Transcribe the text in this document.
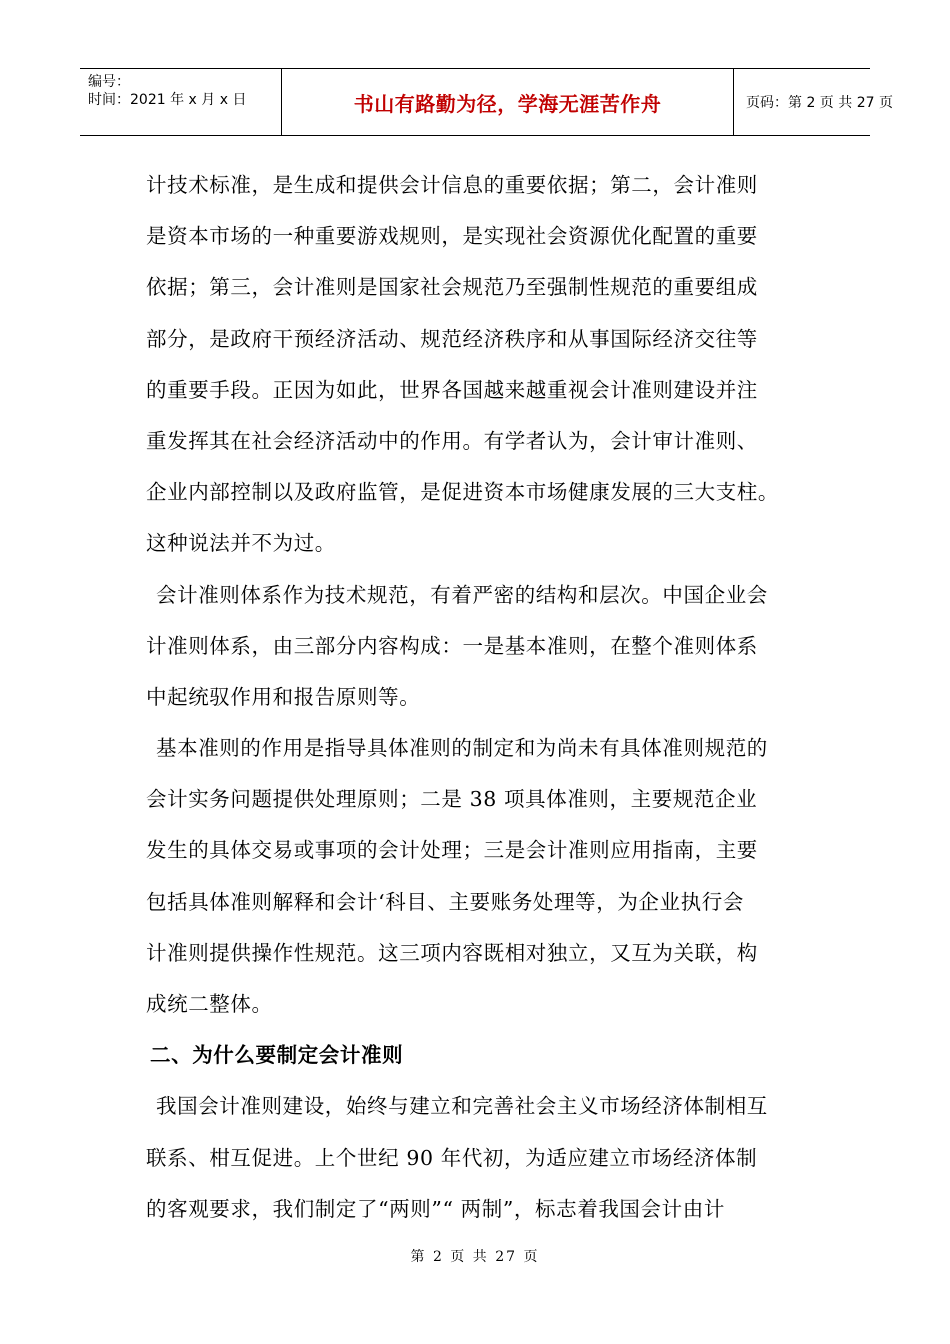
编号：
时间：2021 年 x 月 x 日	书山有路勤为径，学海无涯苦作舟	页码：第 2 页 共 27 页
计技术标准，是生成和提供会计信息的重要依据；第二，会计准则
是资本市场的一种重要游戏规则，是实现社会资源优化配置的重要
依据；第三，会计准则是国家社会规范乃至强制性规范的重要组成
部分，是政府干预经济活动、规范经济秩序和从事国际经济交往等
的重要手段。正因为如此，世界各国越来越重视会计准则建设并注
重发挥其在社会经济活动中的作用。有学者认为，会计审计准则、
企业内部控制以及政府监管，是促进资本市场健康发展的三大支柱。
这种说法并不为过。
会计准则体系作为技术规范，有着严密的结构和层次。中国企业会
计准则体系，由三部分内容构成：一是基本准则，在整个准则体系
中起统驭作用和报告原则等。
基本准则的作用是指导具体准则的制定和为尚未有具体准则规范的
会计实务问题提供处理原则；二是 38 项具体准则，主要规范企业
发生的具体交易或事项的会计处理；三是会计准则应用指南，主要
包括具体准则解释和会计‘科目、主要账务处理等，为企业执行会
计准则提供操作性规范。这三项内容既相对独立，又互为关联，构
成统二整体。
二、为什么要制定会计准则
我国会计准则建设，始终与建立和完善社会主义市场经济体制相互
联系、柑互促进。上个世纪 90 年代初，为适应建立市场经济体制
的客观要求，我们制定了“两则”“ 两制”，标志着我国会计由计
第 2 页 共 27 页
